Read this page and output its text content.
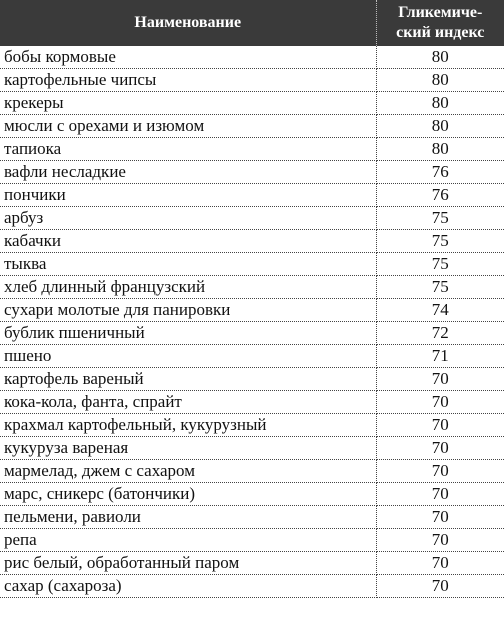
Наименование	Гликемиче-
ский индекс

бобы кормовые	80
картофельные чипсы	80
крекеры	80
мюсли с орехами и изюмом	80
тапиока	80
вафли несладкие	76
пончики	76
арбуз	75
кабачки	75
тыква	75
хлеб длинный французский	75
сухари молотые для панировки	74
бублик пшеничный	72
пшено	71
картофель вареный	70
кока-кола, фанта, спрайт	70
крахмал картофельный, кукурузный	70
кукуруза вареная	70
мармелад, джем с сахаром	70
марс, сникерс (батончики)	70
пельмени, равиоли	70
репа	70
рис белый, обработанный паром	70
сахар (сахароза)	70
